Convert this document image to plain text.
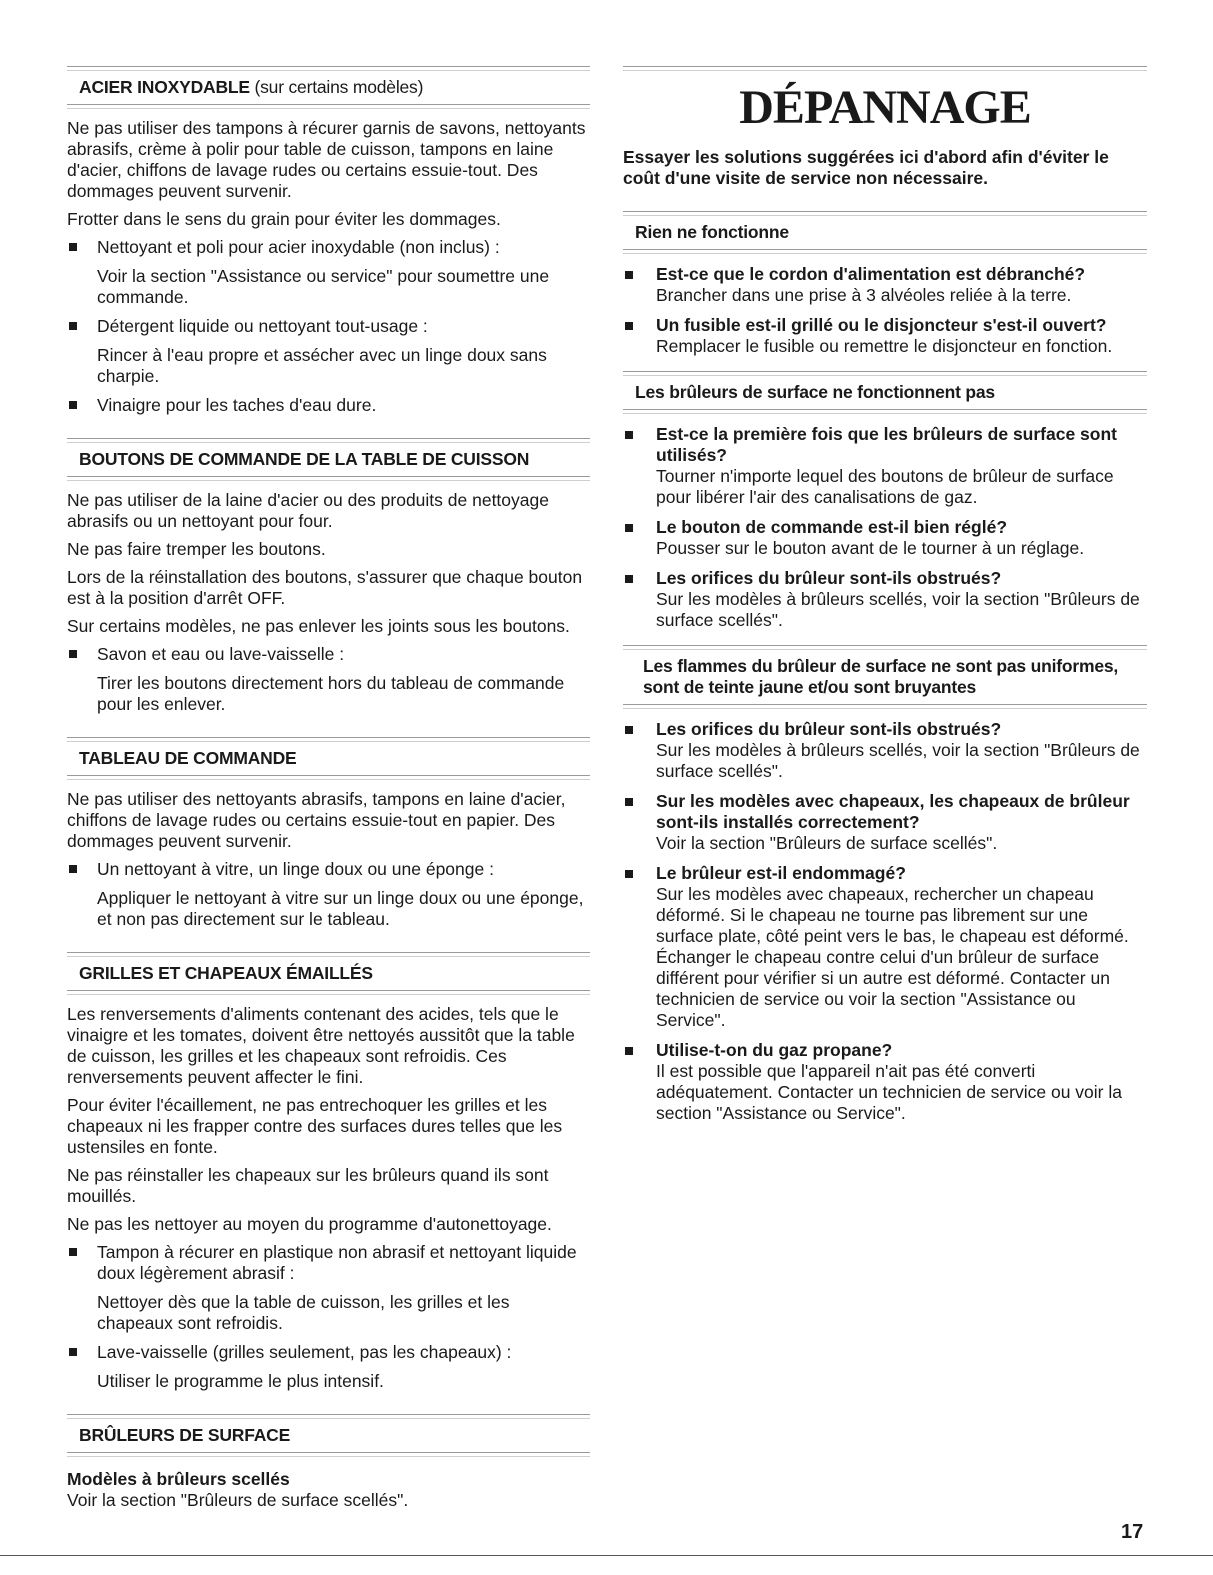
ACIER INOXYDABLE (sur certains modèles)

Ne pas utiliser des tampons à récurer garnis de savons, nettoyants abrasifs, crème à polir pour table de cuisson, tampons en laine d'acier, chiffons de lavage rudes ou certains essuie-tout. Des dommages peuvent survenir.

Frotter dans le sens du grain pour éviter les dommages.

Nettoyant et poli pour acier inoxydable (non inclus) :
Voir la section "Assistance ou service" pour soumettre une commande.
Détergent liquide ou nettoyant tout-usage :
Rincer à l'eau propre et assécher avec un linge doux sans charpie.
Vinaigre pour les taches d'eau dure.
BOUTONS DE COMMANDE DE LA TABLE DE CUISSON

Ne pas utiliser de la laine d'acier ou des produits de nettoyage abrasifs ou un nettoyant pour four.

Ne pas faire tremper les boutons.

Lors de la réinstallation des boutons, s'assurer que chaque bouton est à la position d'arrêt OFF.

Sur certains modèles, ne pas enlever les joints sous les boutons.

Savon et eau ou lave-vaisselle :
Tirer les boutons directement hors du tableau de commande pour les enlever.
TABLEAU DE COMMANDE

Ne pas utiliser des nettoyants abrasifs, tampons en laine d'acier, chiffons de lavage rudes ou certains essuie-tout en papier. Des dommages peuvent survenir.

Un nettoyant à vitre, un linge doux ou une éponge :
Appliquer le nettoyant à vitre sur un linge doux ou une éponge, et non pas directement sur le tableau.
GRILLES ET CHAPEAUX ÉMAILLÉS

Les renversements d'aliments contenant des acides, tels que le vinaigre et les tomates, doivent être nettoyés aussitôt que la table de cuisson, les grilles et les chapeaux sont refroidis. Ces renversements peuvent affecter le fini.

Pour éviter l'écaillement, ne pas entrechoquer les grilles et les chapeaux ni les frapper contre des surfaces dures telles que les ustensiles en fonte.

Ne pas réinstaller les chapeaux sur les brûleurs quand ils sont mouillés.

Ne pas les nettoyer au moyen du programme d'autonettoyage.

Tampon à récurer en plastique non abrasif et nettoyant liquide doux légèrement abrasif :
Nettoyer dès que la table de cuisson, les grilles et les chapeaux sont refroidis.
Lave-vaisselle (grilles seulement, pas les chapeaux) :
Utiliser le programme le plus intensif.
BRÛLEURS DE SURFACE
Modèles à brûleurs scellés

Voir la section "Brûleurs de surface scellés".

DÉPANNAGE
Essayer les solutions suggérées ici d'abord afin d'éviter le coût d'une visite de service non nécessaire.
Rien ne fonctionne
Est-ce que le cordon d'alimentation est débranché?
Brancher dans une prise à 3 alvéoles reliée à la terre.
Un fusible est-il grillé ou le disjoncteur s'est-il ouvert?
Remplacer le fusible ou remettre le disjoncteur en fonction.
Les brûleurs de surface ne fonctionnent pas
Est-ce la première fois que les brûleurs de surface sont utilisés?
Tourner n'importe lequel des boutons de brûleur de surface pour libérer l'air des canalisations de gaz.
Le bouton de commande est-il bien réglé?
Pousser sur le bouton avant de le tourner à un réglage.
Les orifices du brûleur sont-ils obstrués?
Sur les modèles à brûleurs scellés, voir la section "Brûleurs de surface scellés".
Les flammes du brûleur de surface ne sont pas uniformes, sont de teinte jaune et/ou sont bruyantes
Les orifices du brûleur sont-ils obstrués?
Sur les modèles à brûleurs scellés, voir la section "Brûleurs de surface scellés".
Sur les modèles avec chapeaux, les chapeaux de brûleur sont-ils installés correctement?
Voir la section "Brûleurs de surface scellés".
Le brûleur est-il endommagé?
Sur les modèles avec chapeaux, rechercher un chapeau déformé. Si le chapeau ne tourne pas librement sur une surface plate, côté peint vers le bas, le chapeau est déformé. Échanger le chapeau contre celui d'un brûleur de surface différent pour vérifier si un autre est déformé. Contacter un technicien de service ou voir la section "Assistance ou Service".
Utilise-t-on du gaz propane?
Il est possible que l'appareil n'ait pas été converti adéquatement. Contacter un technicien de service ou voir la section "Assistance ou Service".
17
